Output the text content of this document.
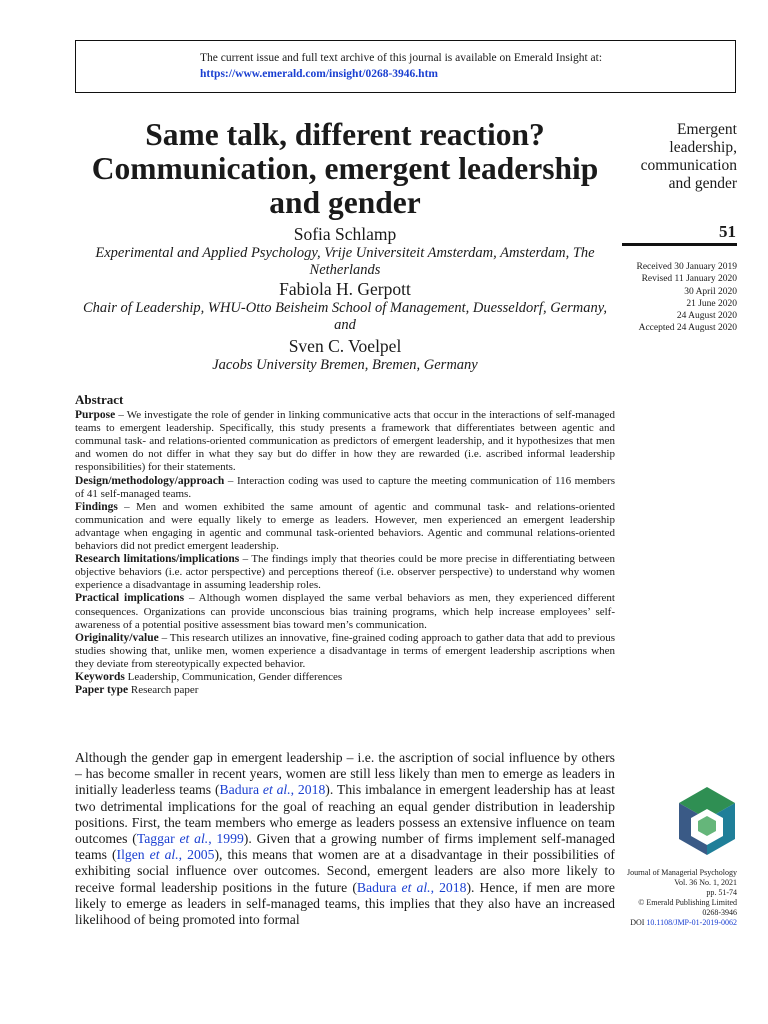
The current issue and full text archive of this journal is available on Emerald Insight at:
https://www.emerald.com/insight/0268-3946.htm
Same talk, different reaction? Communication, emergent leadership and gender
Sofia Schlamp
Experimental and Applied Psychology, Vrije Universiteit Amsterdam, Amsterdam, The Netherlands
Fabiola H. Gerpott
Chair of Leadership, WHU-Otto Beisheim School of Management, Duesseldorf, Germany, and
Sven C. Voelpel
Jacobs University Bremen, Bremen, Germany
Emergent
leadership,
communication
and gender
51
Received 30 January 2019
Revised 11 January 2020
30 April 2020
21 June 2020
24 August 2020
Accepted 24 August 2020
Abstract

Purpose – We investigate the role of gender in linking communicative acts that occur in the interactions of self-managed teams to emergent leadership. Specifically, this study presents a framework that differentiates between agentic and communal task- and relations-oriented communication as predictors of emergent leadership, and it hypothesizes that men and women do not differ in what they say but do differ in how they are rewarded (i.e. ascribed informal leadership responsibilities) for their statements.

Design/methodology/approach – Interaction coding was used to capture the meeting communication of 116 members of 41 self-managed teams.

Findings – Men and women exhibited the same amount of agentic and communal task- and relations-oriented communication and were equally likely to emerge as leaders. However, men experienced an emergent leadership advantage when engaging in agentic and communal task-oriented behaviors. Agentic and communal relations-oriented behaviors did not predict emergent leadership.

Research limitations/implications – The findings imply that theories could be more precise in differentiating between objective behaviors (i.e. actor perspective) and perceptions thereof (i.e. observer perspective) to understand why women experience a disadvantage in assuming leadership roles.

Practical implications – Although women displayed the same verbal behaviors as men, they experienced different consequences. Organizations can provide unconscious bias training programs, which help increase employees’ self-awareness of a potential positive assessment bias toward men’s communication.

Originality/value – This research utilizes an innovative, fine-grained coding approach to gather data that add to previous studies showing that, unlike men, women experience a disadvantage in terms of emergent leadership ascriptions when they deviate from stereotypically expected behavior.

Keywords Leadership, Communication, Gender differences

Paper type Research paper

Although the gender gap in emergent leadership – i.e. the ascription of social influence by others – has become smaller in recent years, women are still less likely than men to emerge as leaders in initially leaderless teams (Badura et al., 2018). This imbalance in emergent leadership has at least two detrimental implications for the goal of reaching an equal gender distribution in leadership positions. First, the team members who emerge as leaders possess an extensive influence on team outcomes (Taggar et al., 1999). Given that a growing number of firms implement self-managed teams (Ilgen et al., 2005), this means that women are at a disadvantage in their possibilities of exhibiting social influence over outcomes. Second, emergent leaders are also more likely to receive formal leadership positions in the future (Badura et al., 2018). Hence, if men are more likely to emerge as leaders in self-managed teams, this implies that they also have an increased likelihood of being promoted into formal

Journal of Managerial Psychology
Vol. 36 No. 1, 2021
pp. 51-74
© Emerald Publishing Limited
0268-3946
DOI 10.1108/JMP-01-2019-0062
